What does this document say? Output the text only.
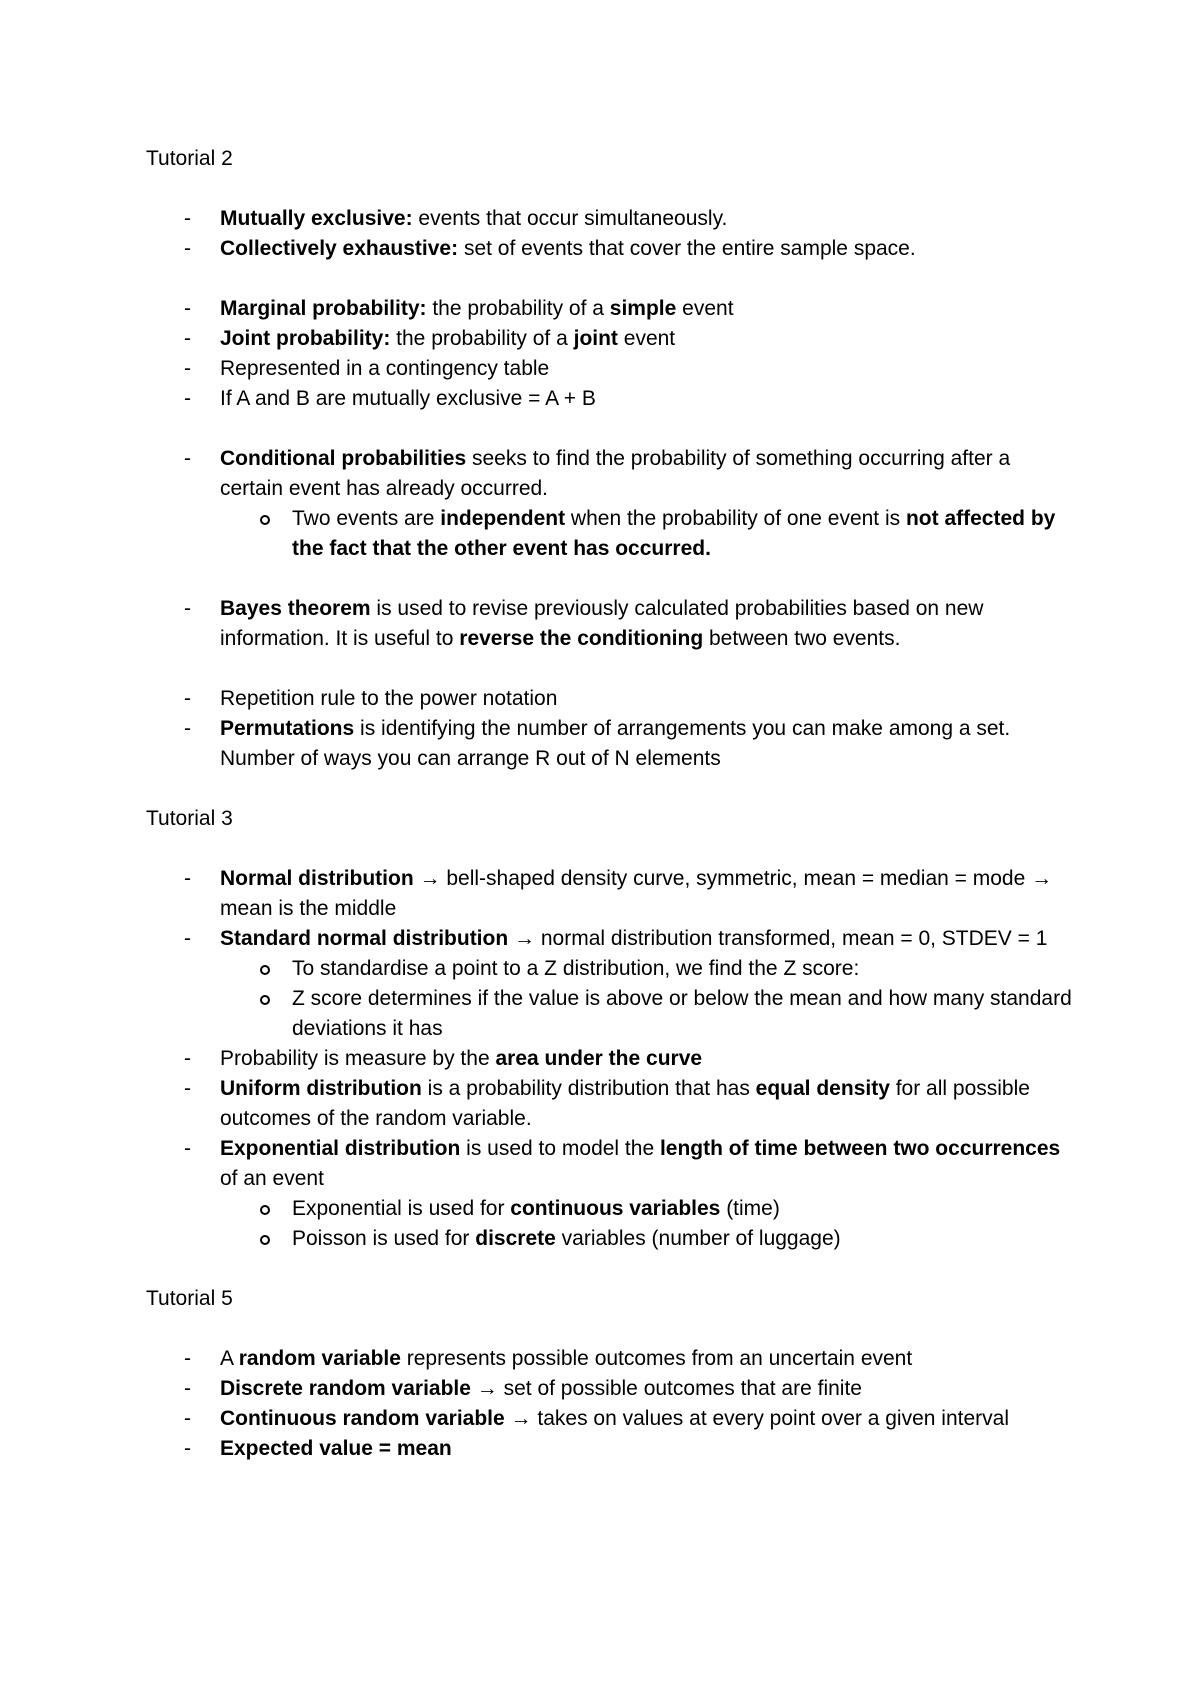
Tutorial 2
- Mutually exclusive: events that occur simultaneously.
- Collectively exhaustive: set of events that cover the entire sample space.
- Marginal probability: the probability of a simple event
- Joint probability: the probability of a joint event
- Represented in a contingency table
- If A and B are mutually exclusive = A + B
- Conditional probabilities seeks to find the probability of something occurring after a certain event has already occurred.
Two events are independent when the probability of one event is not affected by the fact that the other event has occurred.
- Bayes theorem is used to revise previously calculated probabilities based on new information. It is useful to reverse the conditioning between two events.
- Repetition rule to the power notation
- Permutations is identifying the number of arrangements you can make among a set. Number of ways you can arrange R out of N elements
Tutorial 3
- Normal distribution → bell-shaped density curve, symmetric, mean = median = mode → mean is the middle
- Standard normal distribution → normal distribution transformed, mean = 0, STDEV = 1
To standardise a point to a Z distribution, we find the Z score:
Z score determines if the value is above or below the mean and how many standard deviations it has
- Probability is measure by the area under the curve
- Uniform distribution is a probability distribution that has equal density for all possible outcomes of the random variable.
- Exponential distribution is used to model the length of time between two occurrences of an event
Exponential is used for continuous variables (time)
Poisson is used for discrete variables (number of luggage)
Tutorial 5
- A random variable represents possible outcomes from an uncertain event
- Discrete random variable → set of possible outcomes that are finite
- Continuous random variable → takes on values at every point over a given interval
- Expected value = mean
